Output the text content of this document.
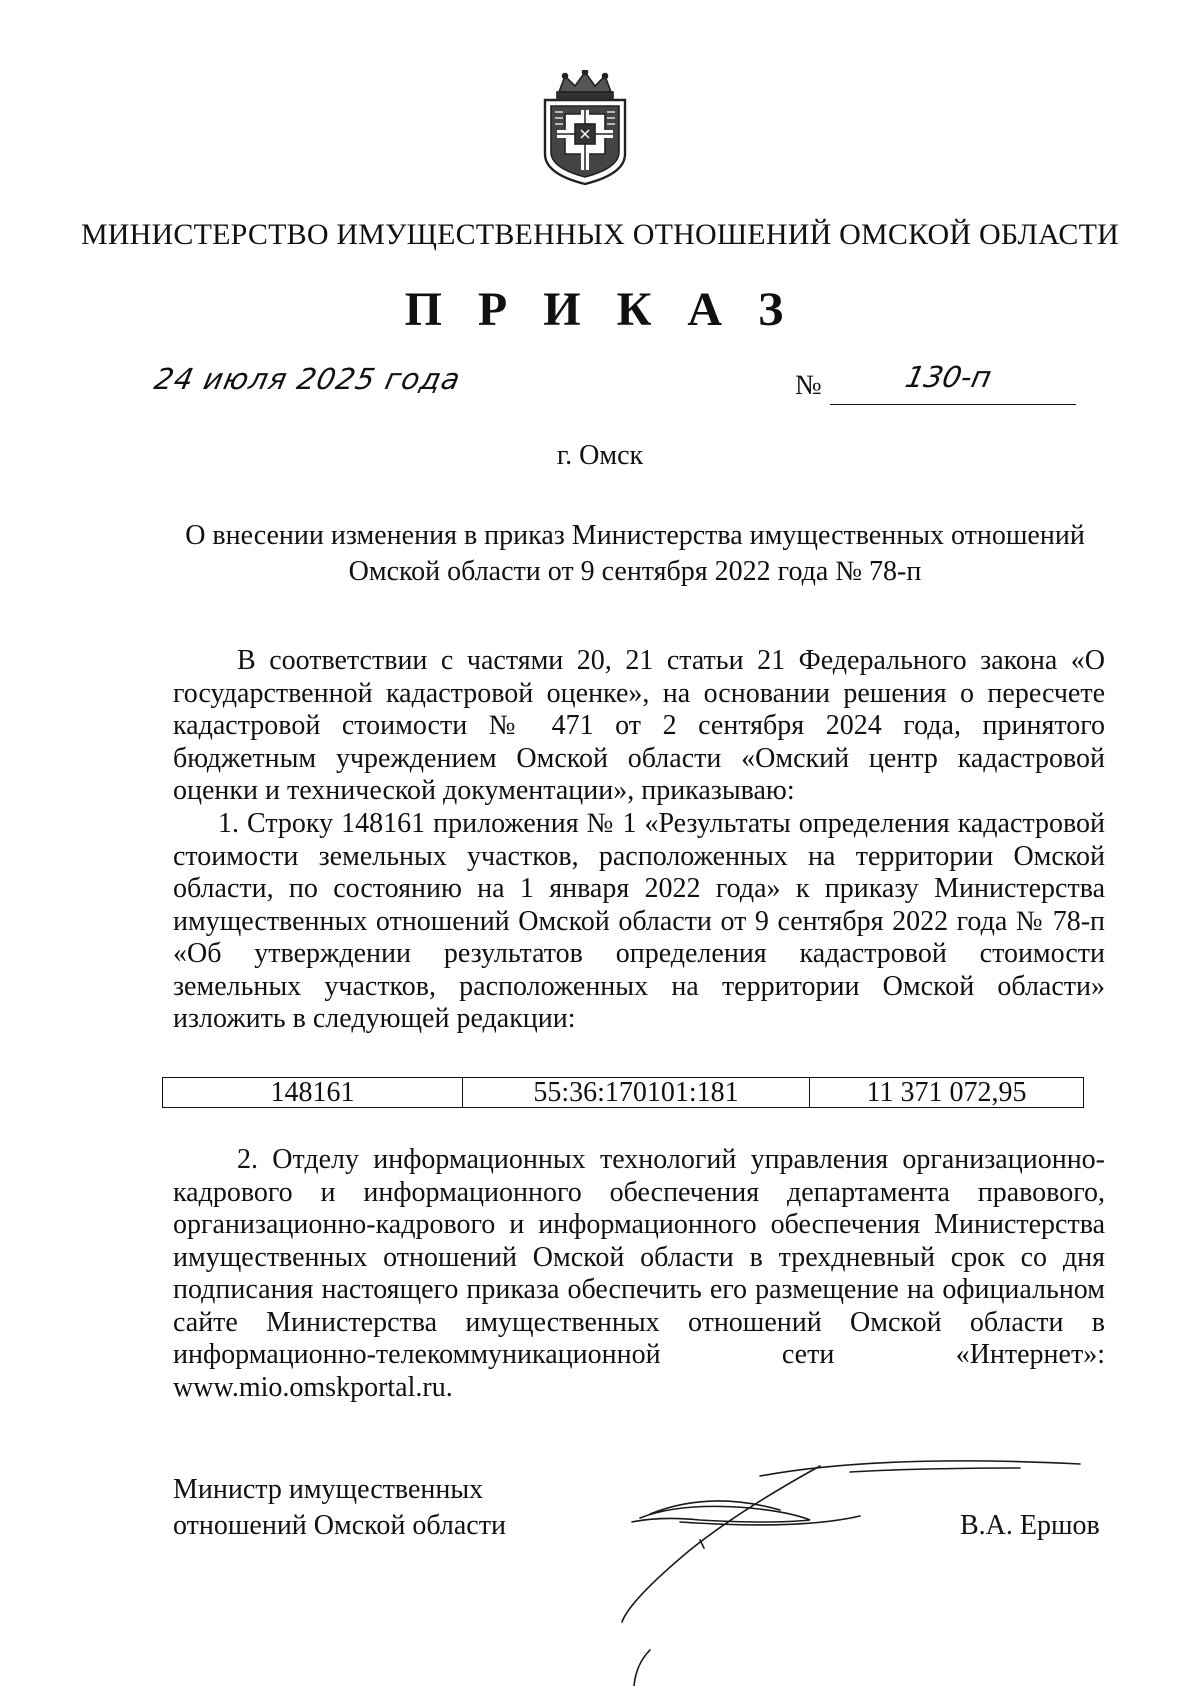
МИНИСТЕРСТВО ИМУЩЕСТВЕННЫХ ОТНОШЕНИЙ ОМСКОЙ ОБЛАСТИ
П Р И К А З
24 июля 2025 года	№	130-п
г. Омск
О внесении изменения в приказ Министерства имущественных отношений
Омской области от 9 сентября 2022 года № 78-п
В соответствии с частями 20, 21 статьи 21 Федерального закона «О государственной кадастровой оценке», на основании решения о пересчете кадастровой стоимости № 471 от 2 сентября 2024 года, принятого бюджетным учреждением Омской области «Омский центр кадастровой оценки и технической документации», приказываю:
1. Строку 148161 приложения № 1 «Результаты определения кадастровой стоимости земельных участков, расположенных на территории Омской области, по состоянию на 1 января 2022 года» к приказу Министерства имущественных отношений Омской области от 9 сентября 2022 года № 78-п «Об утверждении результатов определения кадастровой стоимости земельных участков, расположенных на территории Омской области» изложить в следующей редакции:
148161	55:36:170101:181	11 371 072,95
2. Отделу информационных технологий управления организационно-кадрового и информационного обеспечения департамента правового, организационно-кадрового и информационного обеспечения Министерства имущественных отношений Омской области в трехдневный срок со дня подписания настоящего приказа обеспечить его размещение на официальном сайте Министерства имущественных отношений Омской области в информационно-телекоммуникационной сети «Интернет»: www.mio.omskportal.ru.
Министр имущественных
отношений Омской области	В.А. Ершов
